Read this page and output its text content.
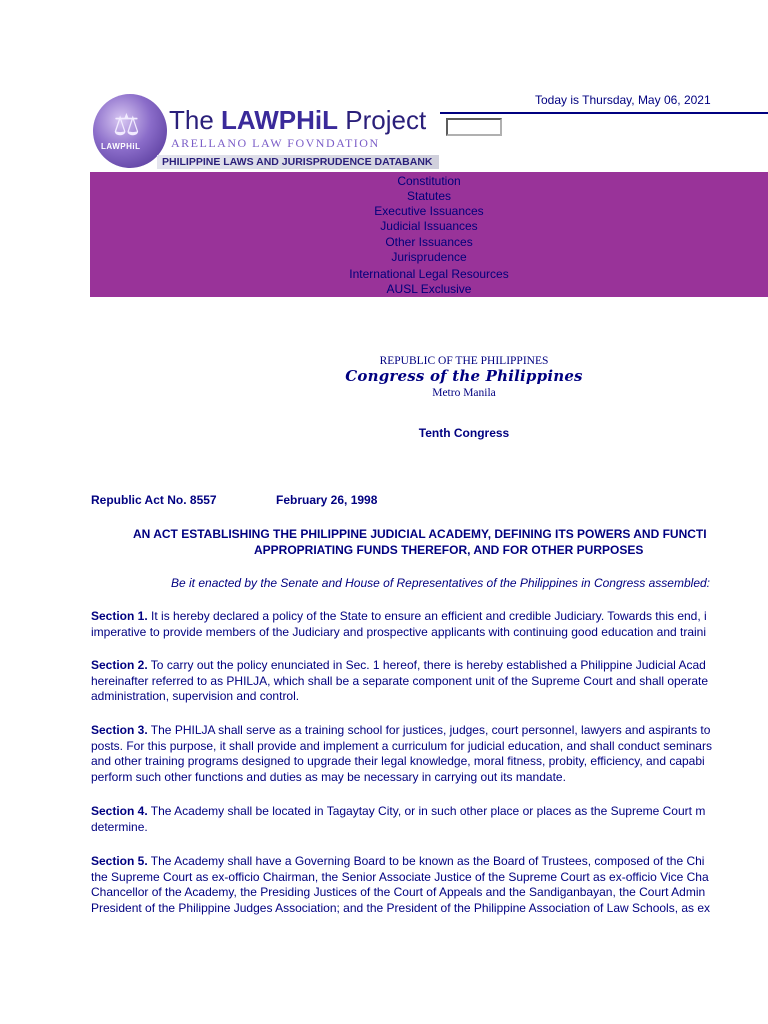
⚖
LAWPHiL
The LAWPHiL Project
ARELLANO LAW FOVNDATION
PHILIPPINE LAWS AND JURISPRUDENCE DATABANK
Today is Thursday, May 06, 2021
Constitution
Statutes
Executive Issuances
Judicial Issuances
Other Issuances
Jurisprudence
International Legal Resources
AUSL Exclusive
REPUBLIC OF THE PHILIPPINES
Congress of the Philippines
Metro Manila
Tenth Congress
Republic Act No. 8557	February 26, 1998
AN ACT ESTABLISHING THE PHILIPPINE JUDICIAL ACADEMY, DEFINING ITS POWERS AND FUNCTI
APPROPRIATING FUNDS THEREFOR, AND FOR OTHER PURPOSES
Be it enacted by the Senate and House of Representatives of the Philippines in Congress assembled:
Section 1. It is hereby declared a policy of the State to ensure an efficient and credible Judiciary. Towards this end, i
imperative to provide members of the Judiciary and prospective applicants with continuing good education and traini
Section 2. To carry out the policy enunciated in Sec. 1 hereof, there is hereby established a Philippine Judicial Acad
hereinafter referred to as PHILJA, which shall be a separate component unit of the Supreme Court and shall operate
administration, supervision and control.
Section 3. The PHILJA shall serve as a training school for justices, judges, court personnel, lawyers and aspirants to
posts. For this purpose, it shall provide and implement a curriculum for judicial education, and shall conduct seminars
and other training programs designed to upgrade their legal knowledge, moral fitness, probity, efficiency, and capabi
perform such other functions and duties as may be necessary in carrying out its mandate.
Section 4. The Academy shall be located in Tagaytay City, or in such other place or places as the Supreme Court m
determine.
Section 5. The Academy shall have a Governing Board to be known as the Board of Trustees, composed of the Chi
the Supreme Court as ex-officio Chairman, the Senior Associate Justice of the Supreme Court as ex-officio Vice Cha
Chancellor of the Academy, the Presiding Justices of the Court of Appeals and the Sandiganbayan, the Court Admin
President of the Philippine Judges Association; and the President of the Philippine Association of Law Schools, as ex
